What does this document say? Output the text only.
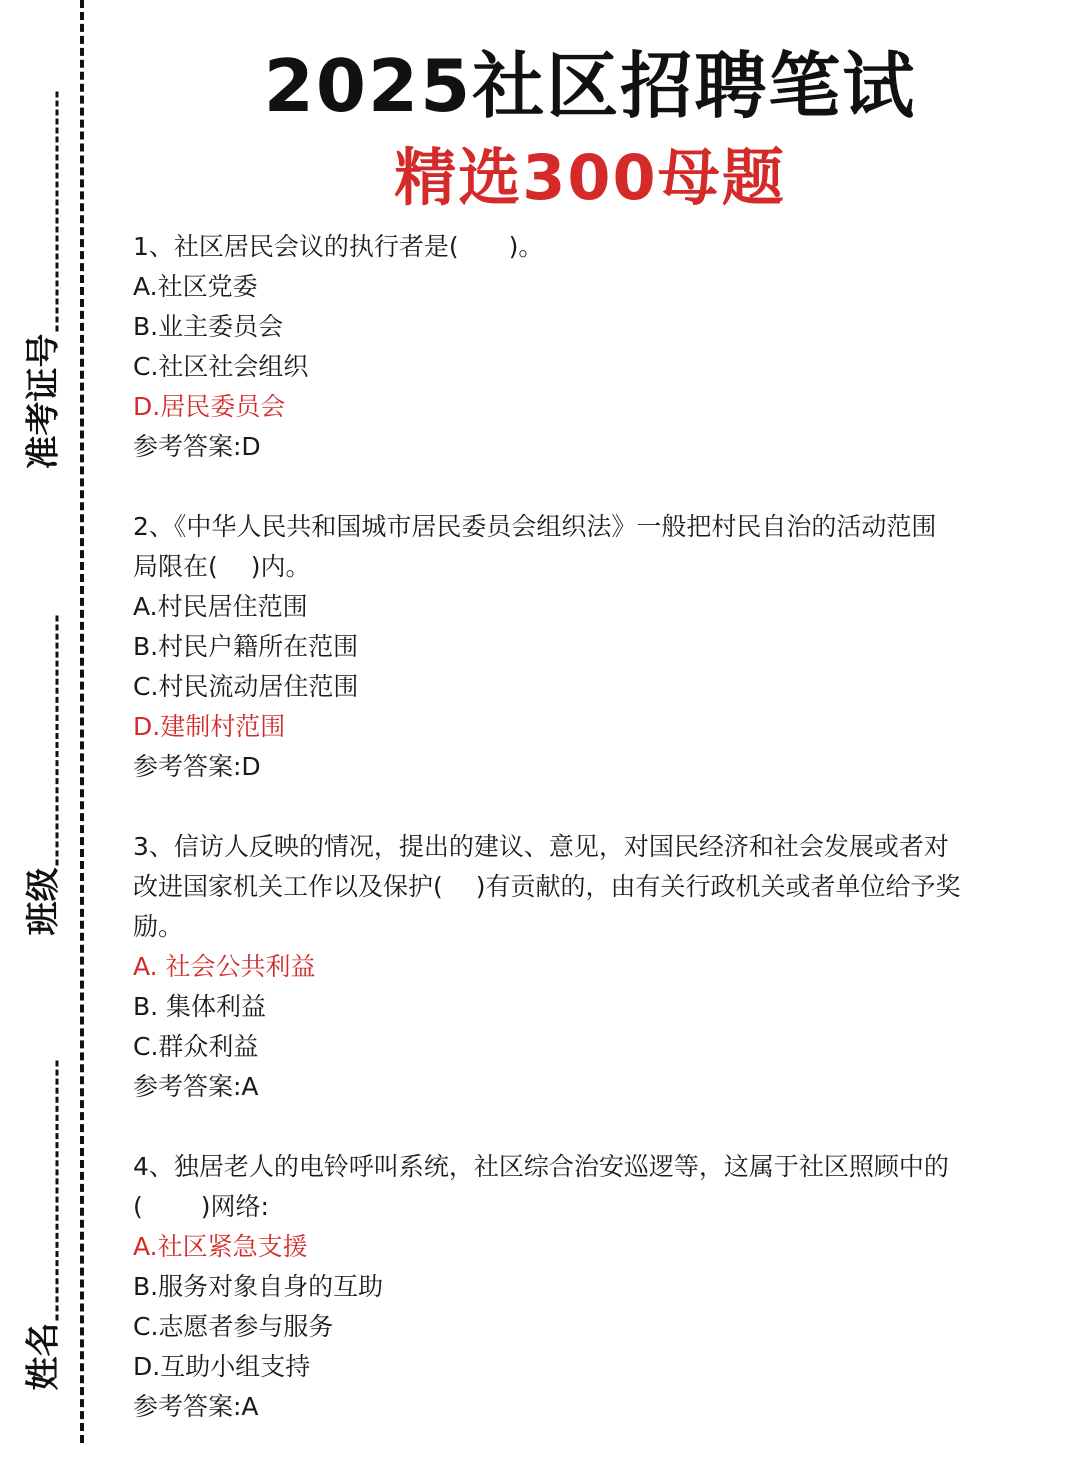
准考证号
班级
姓名
2025社区招聘笔试
精选300母题
1、社区居民会议的执行者是(　　)。
A.社区党委
B.业主委员会
C.社区社会组织
D.居民委员会
参考答案:D
2、《中华人民共和国城市居民委员会组织法》一般把村民自治的活动范围
局限在(　 )内。
A.村民居住范围
B.村民户籍所在范围
C.村民流动居住范围
D.建制村范围
参考答案:D
3、信访人反映的情况，提出的建议、意见，对国民经济和社会发展或者对
改进国家机关工作以及保护(　 )有贡献的，由有关行政机关或者单位给予奖
励。
A. 社会公共利益
B. 集体利益
C.群众利益
参考答案:A
4、独居老人的电铃呼叫系统，社区综合治安巡逻等，这属于社区照顾中的
(　　 )网络:
A.社区紧急支援
B.服务对象自身的互助
C.志愿者参与服务
D.互助小组支持
参考答案:A
